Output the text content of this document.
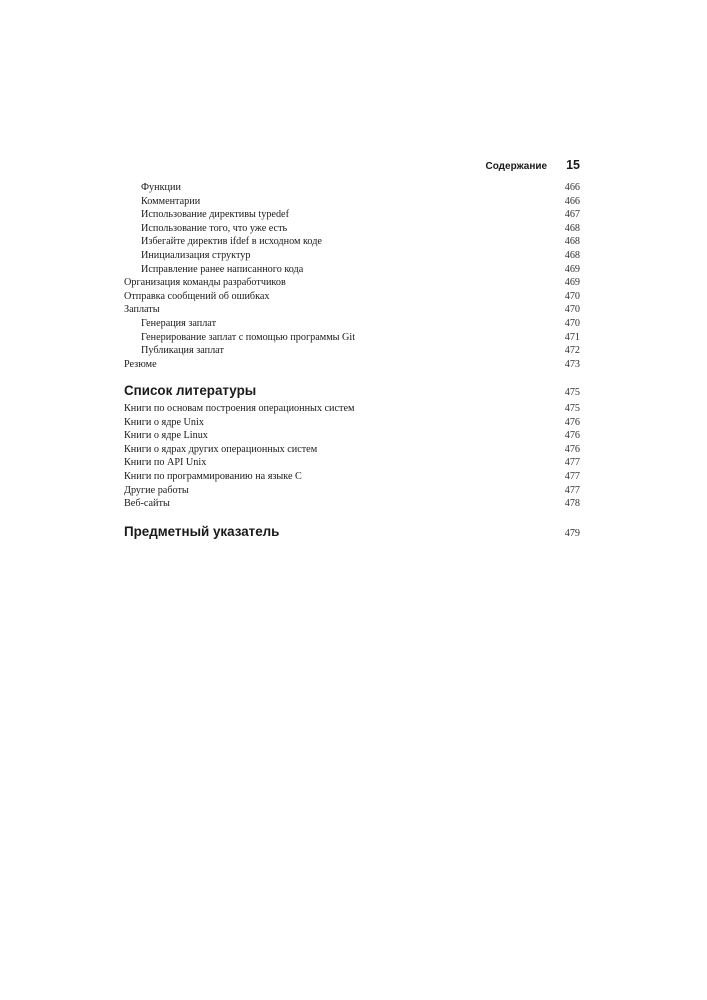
Содержание 15
Функции	466
Комментарии	466
Использование директивы typedef	467
Использование того, что уже есть	468
Избегайте директив ifdef в исходном коде	468
Инициализация структур	468
Исправление ранее написанного кода	469
Организация команды разработчиков	469
Отправка сообщений об ошибках	470
Заплаты	470
Генерация заплат	470
Генерирование заплат с помощью программы Git	471
Публикация заплат	472
Резюме	473
Список литературы	475
Книги по основам построения операционных систем	475
Книги о ядре Unix	476
Книги о ядре Linux	476
Книги о ядрах других операционных систем	476
Книги по API Unix	477
Книги по программированию на языке С	477
Другие работы	477
Веб-сайты	478
Предметный указатель	479
